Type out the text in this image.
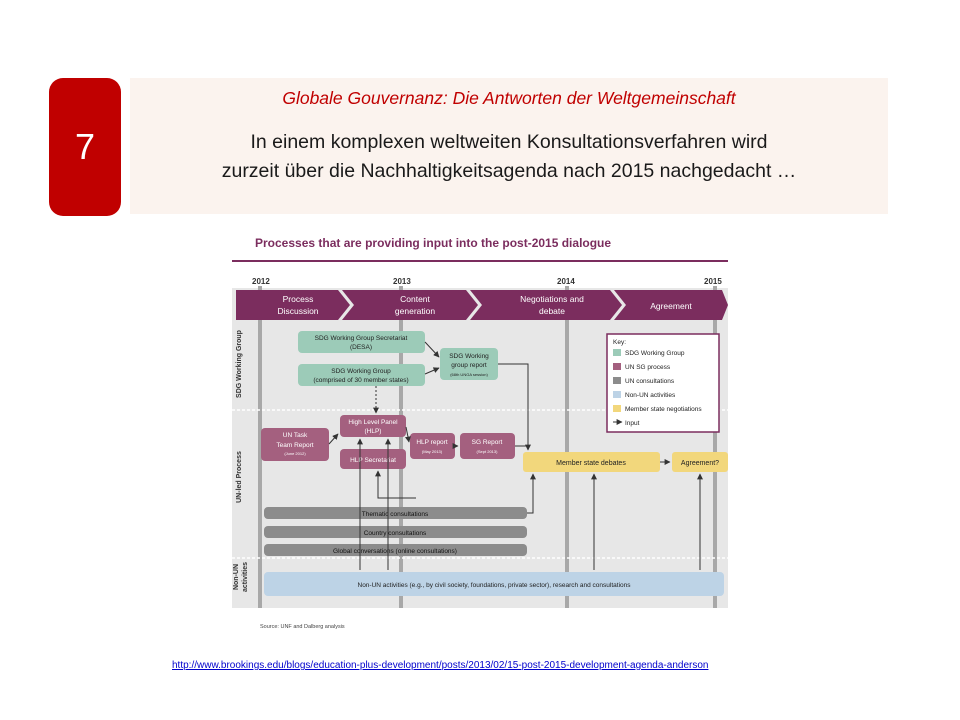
7
Globale Gouvernanz: Die Antworten der Weltgemeinschaft
In einem komplexen weltweiten Konsultationsverfahren wird
zurzeit über die Nachhaltigkeitsagenda nach 2015 nachgedacht …
Processes that are providing input into the post-2015 dialogue
2012	2013	2014	2015
Process
Discussion
Content
generation
Negotiations and
debate	Agreement
SDG Working Group
UN-led Process
Non-UN activities
SDG Working Group Secretariat
(DESA)
SDG Working Group
(comprised of 30 member states)
SDG Working
group report
(68th UNGA session)
Key:
SDG Working Group
UN SG process
UN consultations
Non-UN activities
Member state negotiations
Input
UN Task
Team Report
(June 2012)
High Level Panel
(HLP)
HLP Secretariat
HLP report
(May 2013)
SG Report
(Sept 2013)
Member state debates	Agreement?
Thematic consultations
Country consultations
Global conversations (online consultations)
Non-UN activities (e.g., by civil society, foundations, private sector), research and consultations
Source: UNF and Dalberg analysis
http://www.brookings.edu/blogs/education-plus-development/posts/2013/02/15-post-2015-development-agenda-anderson
